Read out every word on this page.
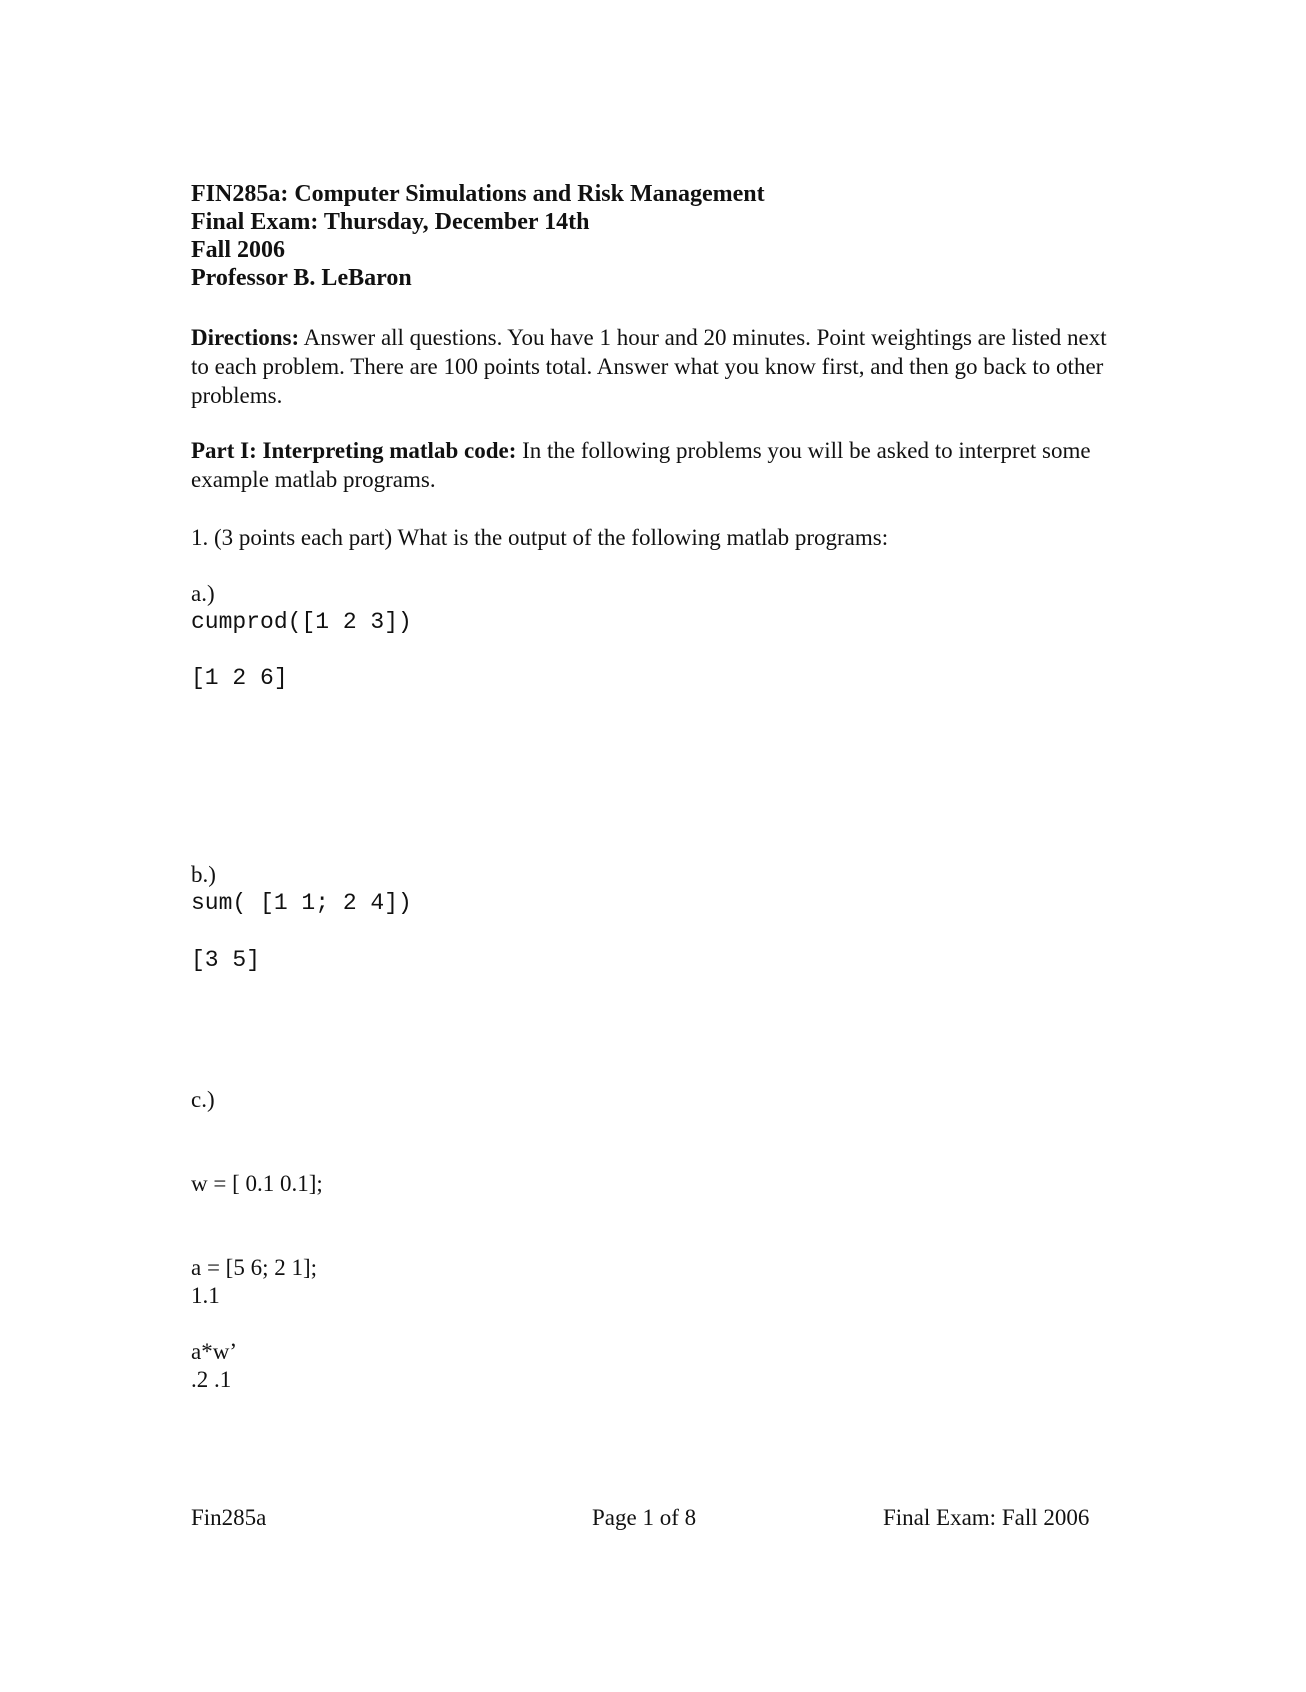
FIN285a: Computer Simulations and Risk Management
Final Exam: Thursday, December 14th
Fall 2006
Professor B. LeBaron
Directions: Answer all questions. You have 1 hour and 20 minutes. Point weightings are listed next to each problem. There are 100 points total. Answer what you know first, and then go back to other problems.
Part I: Interpreting matlab code: In the following problems you will be asked to interpret some example matlab programs.
1. (3 points each part) What is the output of the following matlab programs:
a.)
cumprod([1 2 3])
[1 2 6]
b.)
sum( [1 1; 2 4])
[3 5]
c.)

w = [ 0.1 0.1];

a = [5 6; 2 1];

a*w’

1.1

.2 .1

Fin285a	Page 1 of 8	Final Exam: Fall 2006
